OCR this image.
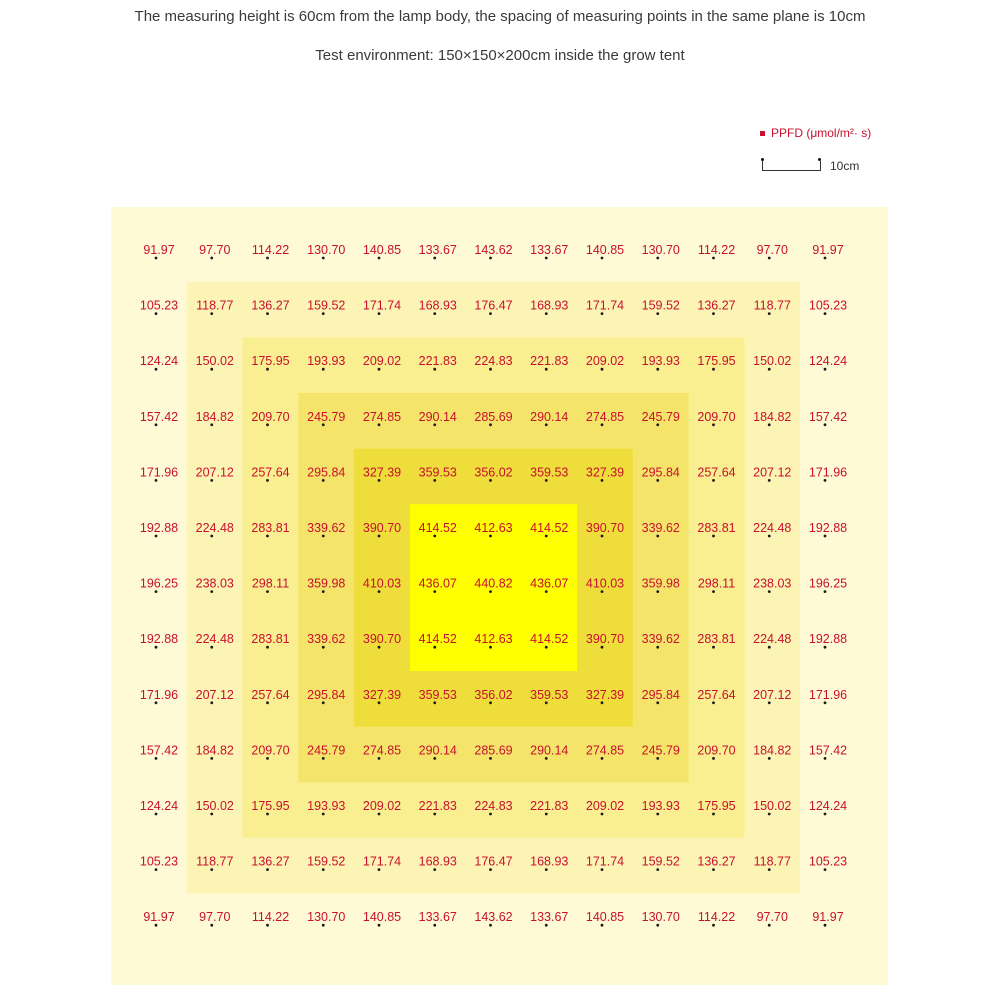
The measuring height is 60cm from the lamp body, the spacing of measuring points in the same plane is 10cm
Test environment: 150×150×200cm inside the grow tent
PPFD (μmol/m²· s)
10cm
91.97 97.70 114.22 130.70 140.85 133.67 143.62 133.67 140.85 130.70 114.22 97.70 91.97
105.23 118.77 136.27 159.52 171.74 168.93 176.47 168.93 171.74 159.52 136.27 118.77 105.23
124.24 150.02 175.95 193.93 209.02 221.83 224.83 221.83 209.02 193.93 175.95 150.02 124.24
157.42 184.82 209.70 245.79 274.85 290.14 285.69 290.14 274.85 245.79 209.70 184.82 157.42
171.96 207.12 257.64 295.84 327.39 359.53 356.02 359.53 327.39 295.84 257.64 207.12 171.96
192.88 224.48 283.81 339.62 390.70 414.52 412.63 414.52 390.70 339.62 283.81 224.48 192.88
196.25 238.03 298.11 359.98 410.03 436.07 440.82 436.07 410.03 359.98 298.11 238.03 196.25
192.88 224.48 283.81 339.62 390.70 414.52 412.63 414.52 390.70 339.62 283.81 224.48 192.88
171.96 207.12 257.64 295.84 327.39 359.53 356.02 359.53 327.39 295.84 257.64 207.12 171.96
157.42 184.82 209.70 245.79 274.85 290.14 285.69 290.14 274.85 245.79 209.70 184.82 157.42
124.24 150.02 175.95 193.93 209.02 221.83 224.83 221.83 209.02 193.93 175.95 150.02 124.24
105.23 118.77 136.27 159.52 171.74 168.93 176.47 168.93 171.74 159.52 136.27 118.77 105.23
91.97 97.70 114.22 130.70 140.85 133.67 143.62 133.67 140.85 130.70 114.22 97.70 91.97
